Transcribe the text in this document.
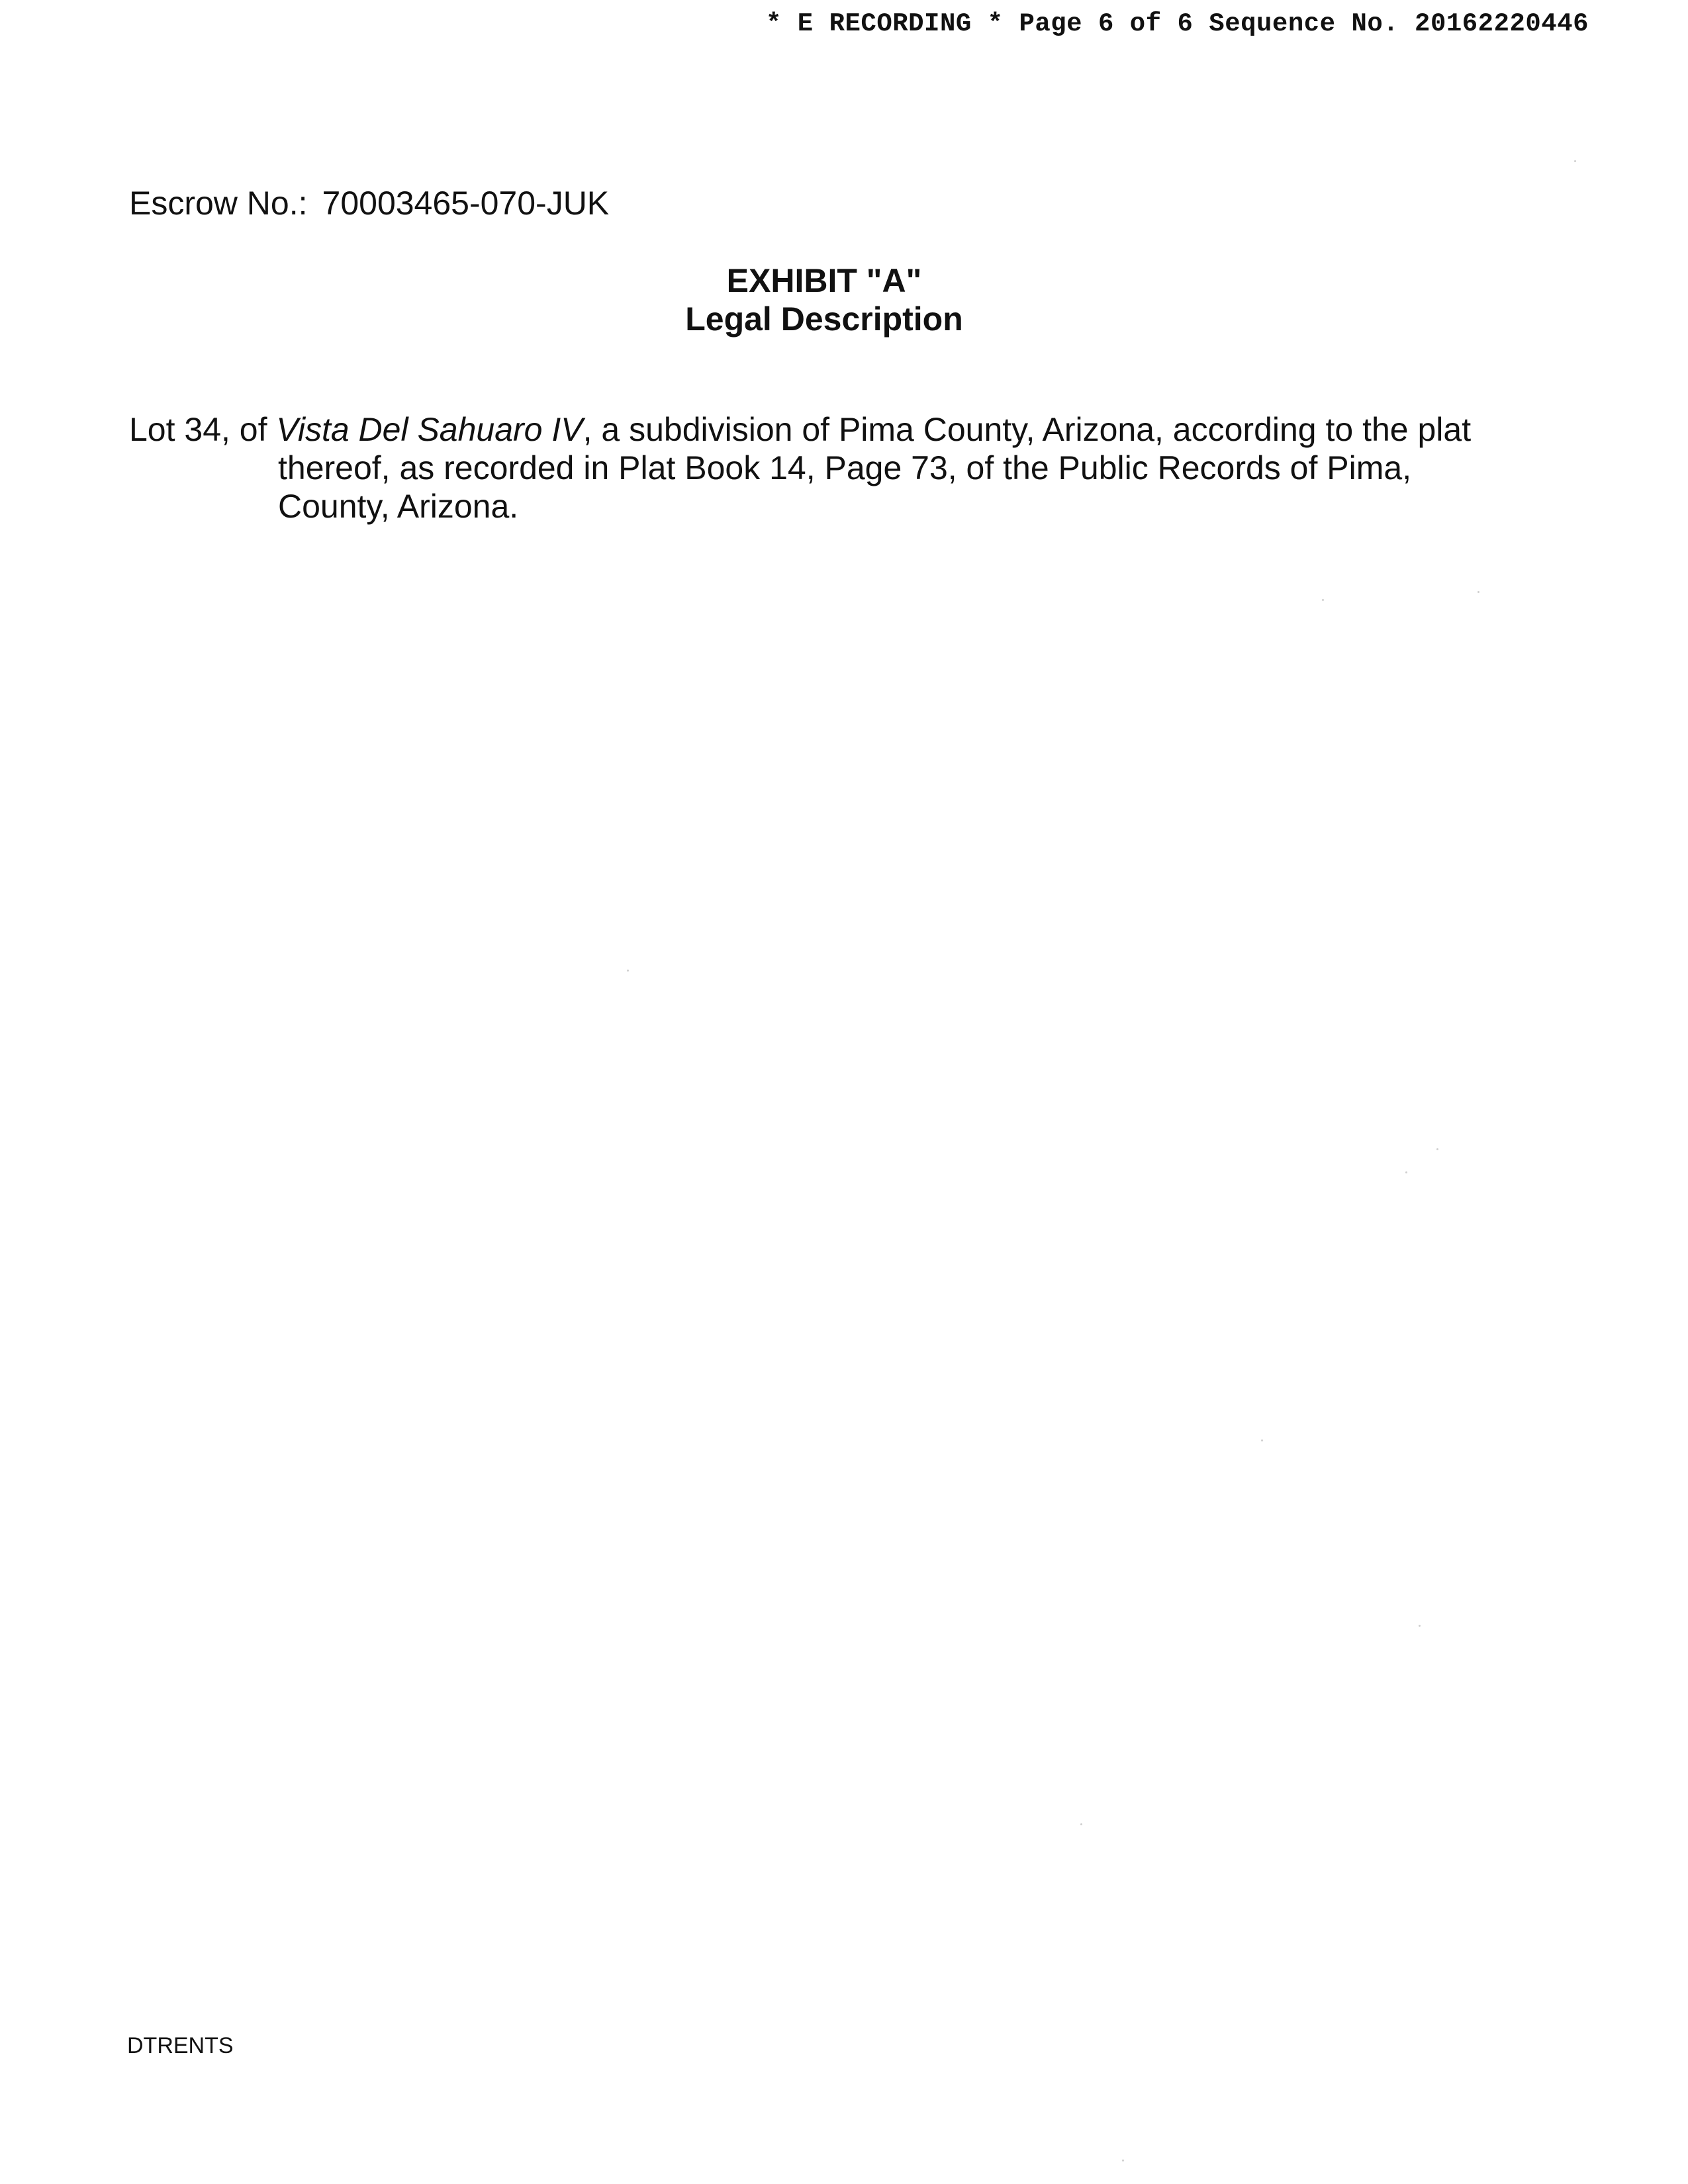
* E RECORDING * Page 6 of 6 Sequence No. 20162220446
Escrow No.: 70003465-070-JUK
EXHIBIT "A"
Legal Description
Lot 34, of Vista Del Sahuaro IV, a subdivision of Pima County, Arizona, according to the plat thereof, as recorded in Plat Book 14, Page 73, of the Public Records of Pima, County, Arizona.
DTRENTS
